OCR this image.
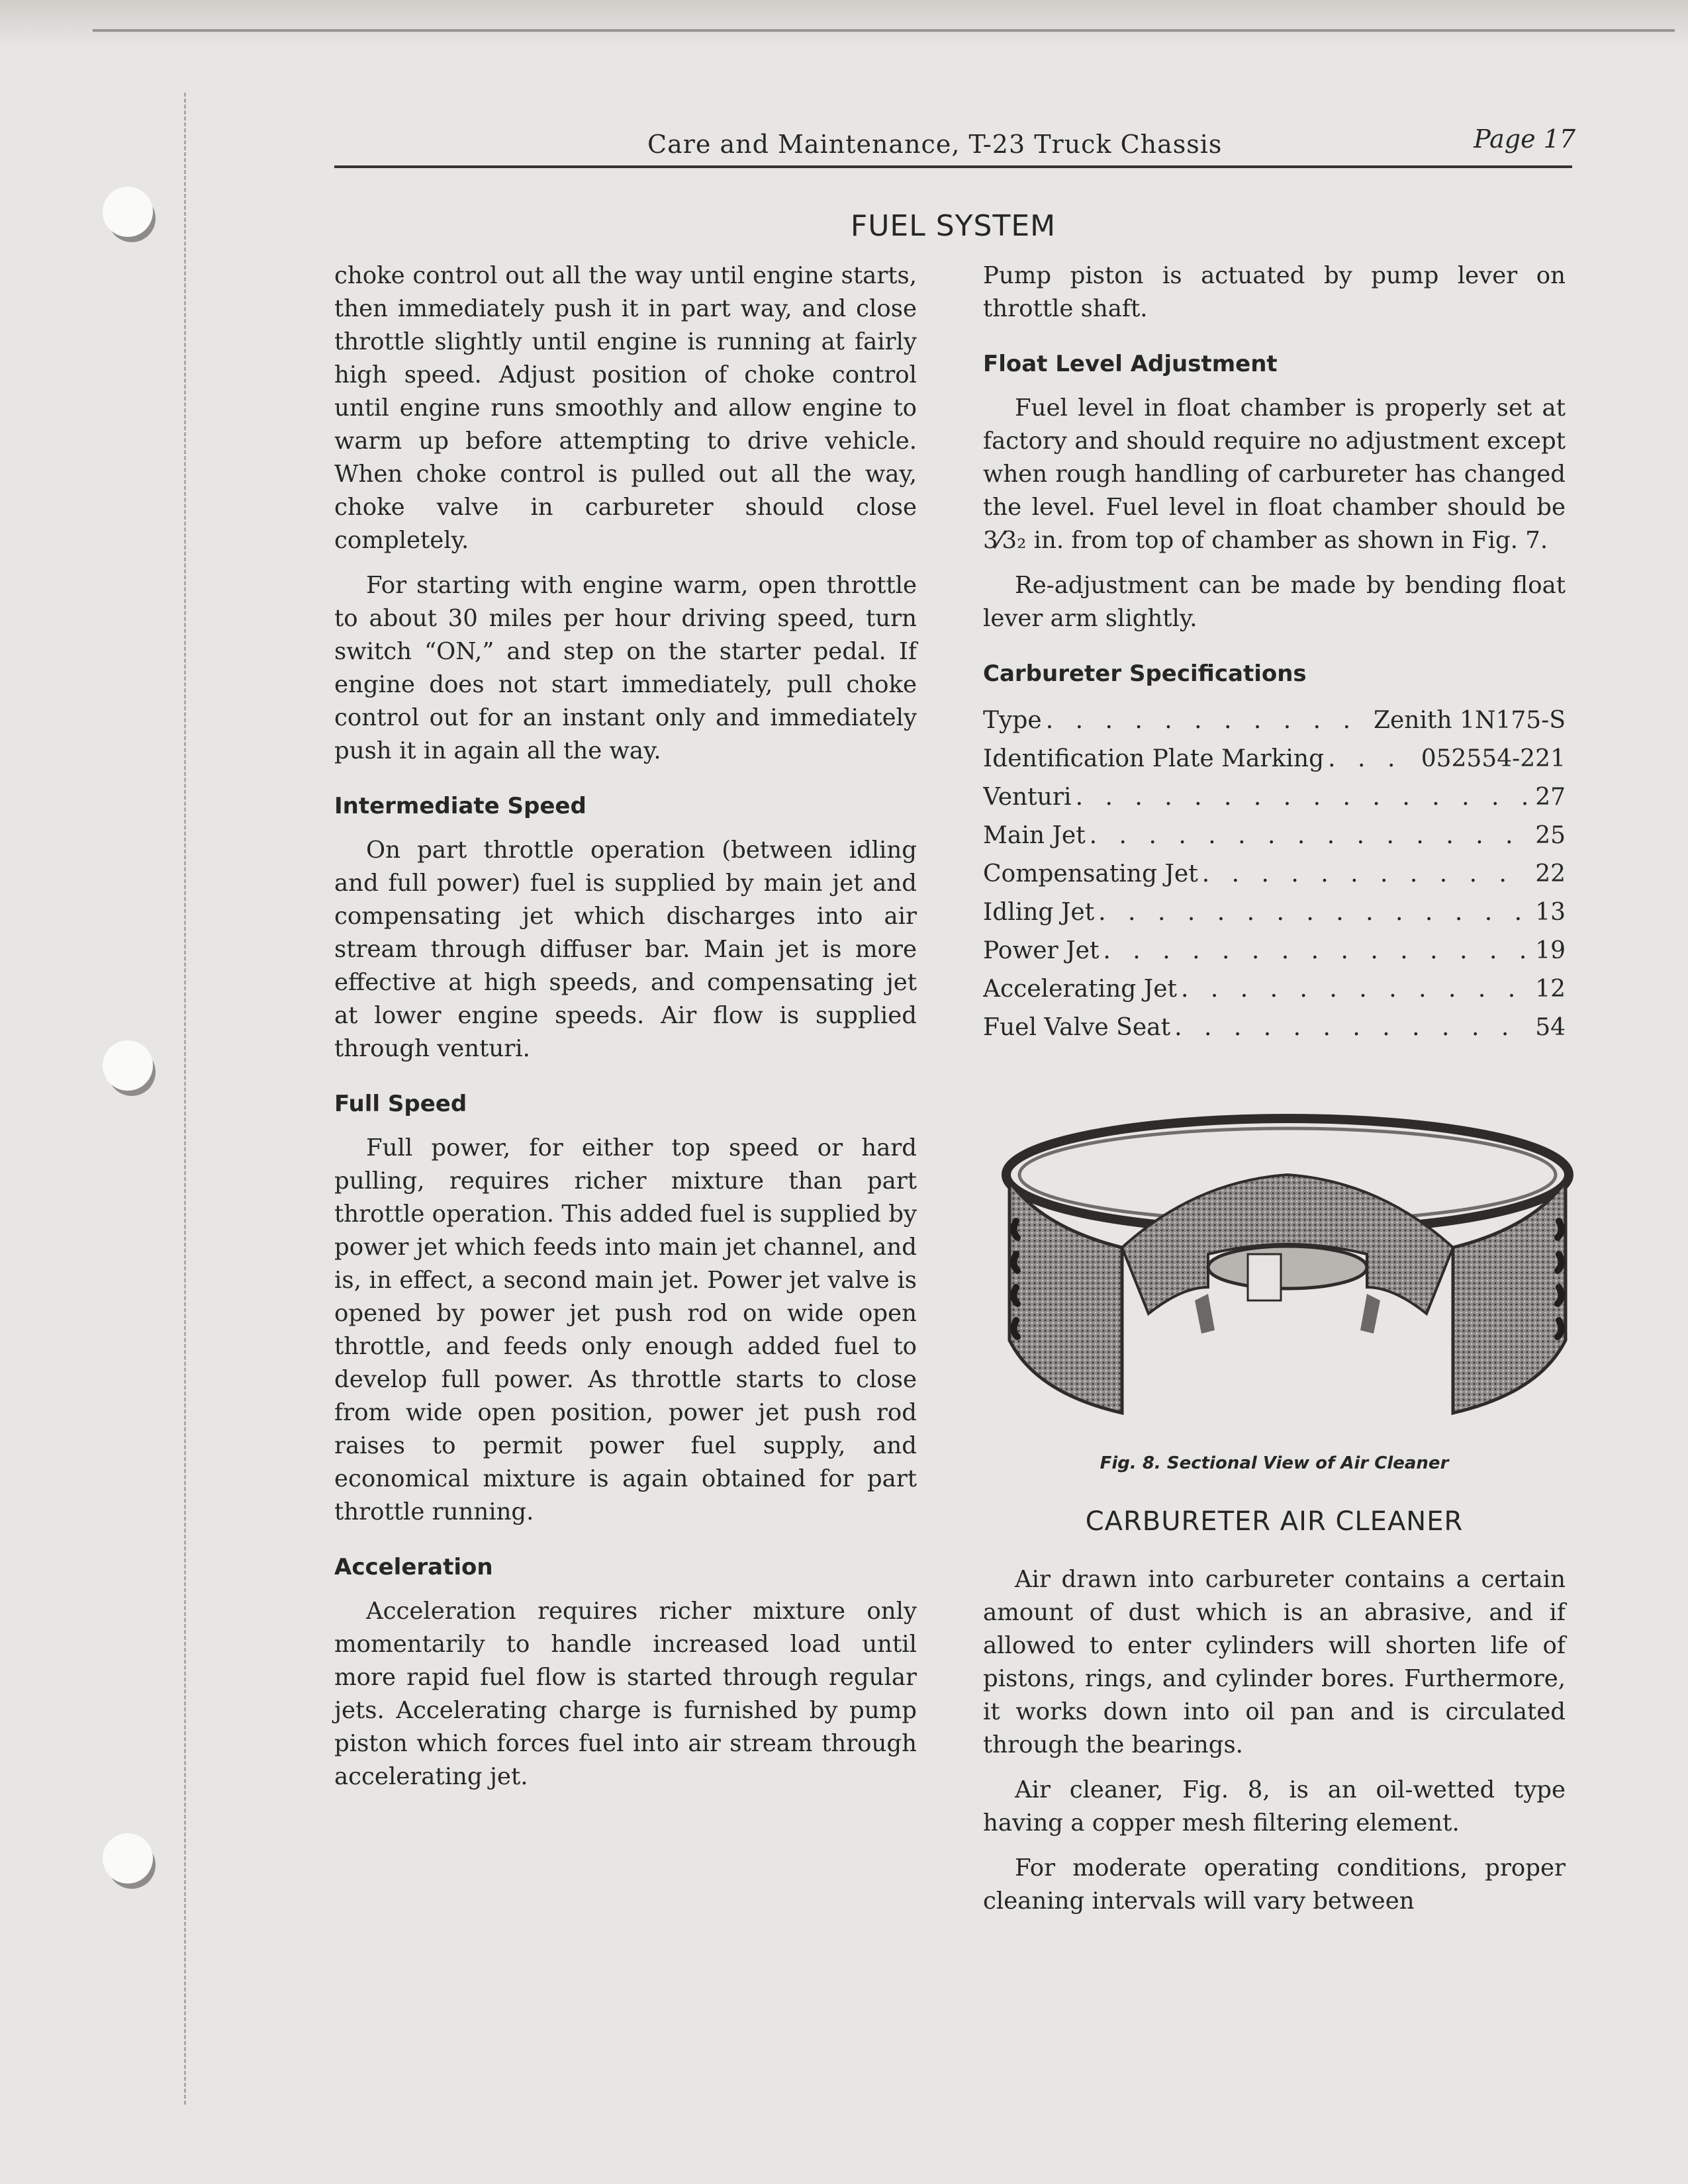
Care and Maintenance, T-23 Truck Chassis	Page 17
FUEL SYSTEM

choke control out all the way until engine starts, then immediately push it in part way, and close throttle slightly until engine is running at fairly high speed. Adjust position of choke control until engine runs smoothly and allow engine to warm up before attempting to drive vehicle. When choke control is pulled out all the way, choke valve in carbureter should close completely.

For starting with engine warm, open throttle to about 30 miles per hour driving speed, turn switch “ON,” and step on the starter pedal. If engine does not start immediately, pull choke control out for an instant only and immediately push it in again all the way.

Intermediate Speed

On part throttle operation (between idling and full power) fuel is supplied by main jet and compensating jet which discharges into air stream through diffuser bar. Main jet is more effective at high speeds, and compensating jet at lower engine speeds. Air flow is supplied through venturi.

Full Speed

Full power, for either top speed or hard pulling, requires richer mixture than part throttle operation. This added fuel is supplied by power jet which feeds into main jet channel, and is, in effect, a second main jet. Power jet valve is opened by power jet push rod on wide open throttle, and feeds only enough added fuel to develop full power. As throttle starts to close from wide open position, power jet push rod raises to permit power fuel supply, and economical mixture is again obtained for part throttle running.

Acceleration

Acceleration requires richer mixture only momentarily to handle increased load until more rapid fuel flow is started through regular jets. Accelerating charge is furnished by pump piston which forces fuel into air stream through accelerating jet.

Pump piston is actuated by pump lever on throttle shaft.

Float Level Adjustment

Fuel level in float chamber is properly set at factory and should require no adjustment except when rough handling of carbureter has changed the level. Fuel level in float chamber should be 3⁄3₂ in. from top of chamber as shown in Fig. 7.

Re-adjustment can be made by bending float lever arm slightly.

Carbureter Specifications
Type . . .	Zenith 1N175-S
Identification Plate Marking . . .	052554-221
Venturi . . .	27
Main Jet . . .	25
Compensating Jet . . .	22
Idling Jet . . .	13
Power Jet . . .	19
Accelerating Jet . . .	12
Fuel Valve Seat . . .	54
Fig. 8. Sectional View of Air Cleaner
CARBURETER AIR CLEANER

Air drawn into carbureter contains a certain amount of dust which is an abrasive, and if allowed to enter cylinders will shorten life of pistons, rings, and cylinder bores. Furthermore, it works down into oil pan and is circulated through the bearings.

Air cleaner, Fig. 8, is an oil-wetted type having a copper mesh filtering element.

For moderate operating conditions, proper cleaning intervals will vary between
